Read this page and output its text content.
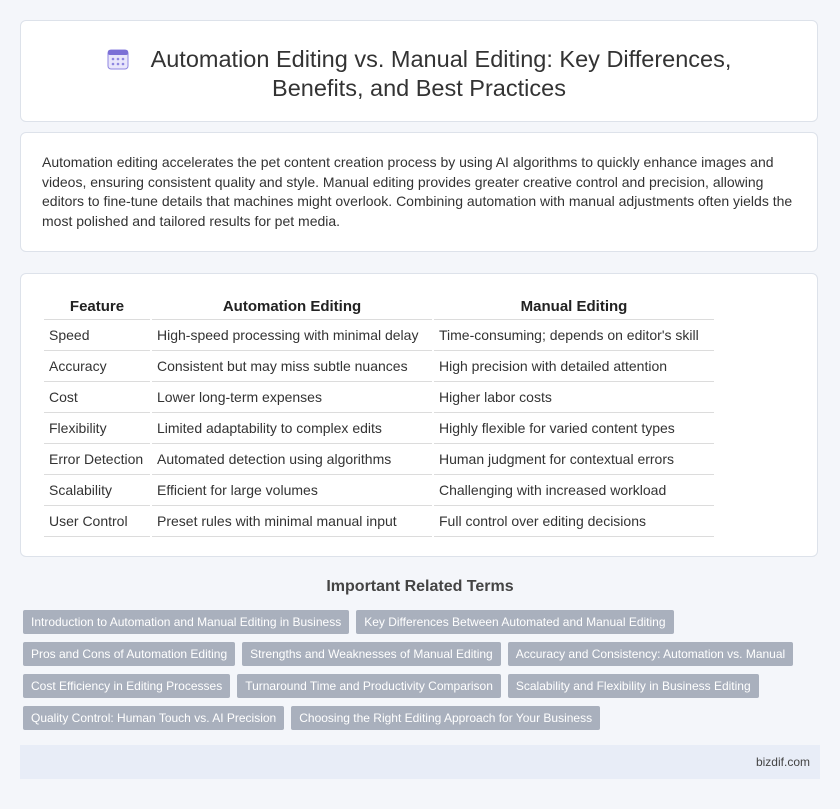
Automation Editing vs. Manual Editing: Key Differences, Benefits, and Best Practices

Automation editing accelerates the pet content creation process by using AI algorithms to quickly enhance images and videos, ensuring consistent quality and style. Manual editing provides greater creative control and precision, allowing editors to fine-tune details that machines might overlook. Combining automation with manual adjustments often yields the most polished and tailored results for pet media.

Feature	Automation Editing	Manual Editing
Speed	High-speed processing with minimal delay	Time-consuming; depends on editor's skill
Accuracy	Consistent but may miss subtle nuances	High precision with detailed attention
Cost	Lower long-term expenses	Higher labor costs
Flexibility	Limited adaptability to complex edits	Highly flexible for varied content types
Error Detection	Automated detection using algorithms	Human judgment for contextual errors
Scalability	Efficient for large volumes	Challenging with increased workload
User Control	Preset rules with minimal manual input	Full control over editing decisions
Important Related Terms
Introduction to Automation and Manual Editing in Business	Key Differences Between Automated and Manual Editing
Pros and Cons of Automation Editing	Strengths and Weaknesses of Manual Editing	Accuracy and Consistency: Automation vs. Manual
Cost Efficiency in Editing Processes	Turnaround Time and Productivity Comparison	Scalability and Flexibility in Business Editing
Quality Control: Human Touch vs. AI Precision	Choosing the Right Editing Approach for Your Business
bizdif.com
